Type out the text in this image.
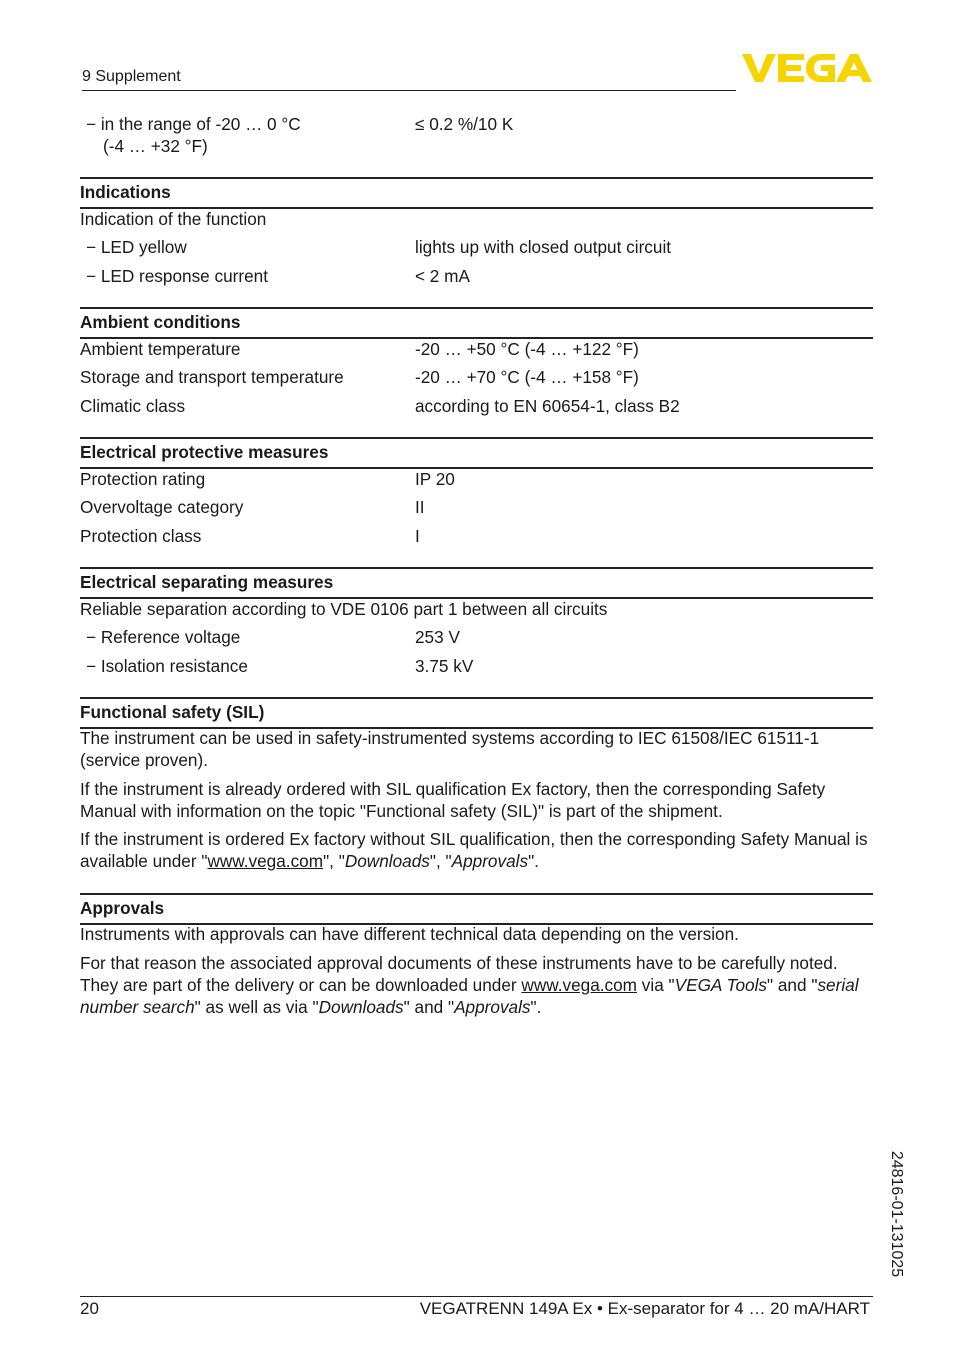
9 Supplement
− in the range of -20 … 0 °C	≤ 0.2 %/10 K
(-4 … +32 °F)
Indications
Indication of the function
− LED yellow	lights up with closed output circuit
− LED response current	< 2 mA
Ambient conditions
Ambient temperature	-20 … +50 °C (-4 … +122 °F)
Storage and transport temperature	-20 … +70 °C (-4 … +158 °F)
Climatic class	according to EN 60654-1, class B2
Electrical protective measures
Protection rating	IP 20
Overvoltage category	II
Protection class	I
Electrical separating measures
Reliable separation according to VDE 0106 part 1 between all circuits
− Reference voltage	253 V
− Isolation resistance	3.75 kV
Functional safety (SIL)
The instrument can be used in safety-instrumented systems according to IEC 61508/IEC 61511-1 (service proven).
If the instrument is already ordered with SIL qualification Ex factory, then the corresponding Safety Manual with information on the topic "Functional safety (SIL)" is part of the shipment.
If the instrument is ordered Ex factory without SIL qualification, then the corresponding Safety Manual is available under "www.vega.com", "Downloads", "Approvals".
Approvals
Instruments with approvals can have different technical data depending on the version.
For that reason the associated approval documents of these instruments have to be carefully noted. They are part of the delivery or can be downloaded under www.vega.com via "VEGA Tools" and "serial number search" as well as via "Downloads" and "Approvals".
24816-01-131025
20	VEGATRENN 149A Ex • Ex-separator for 4 … 20 mA/HART
